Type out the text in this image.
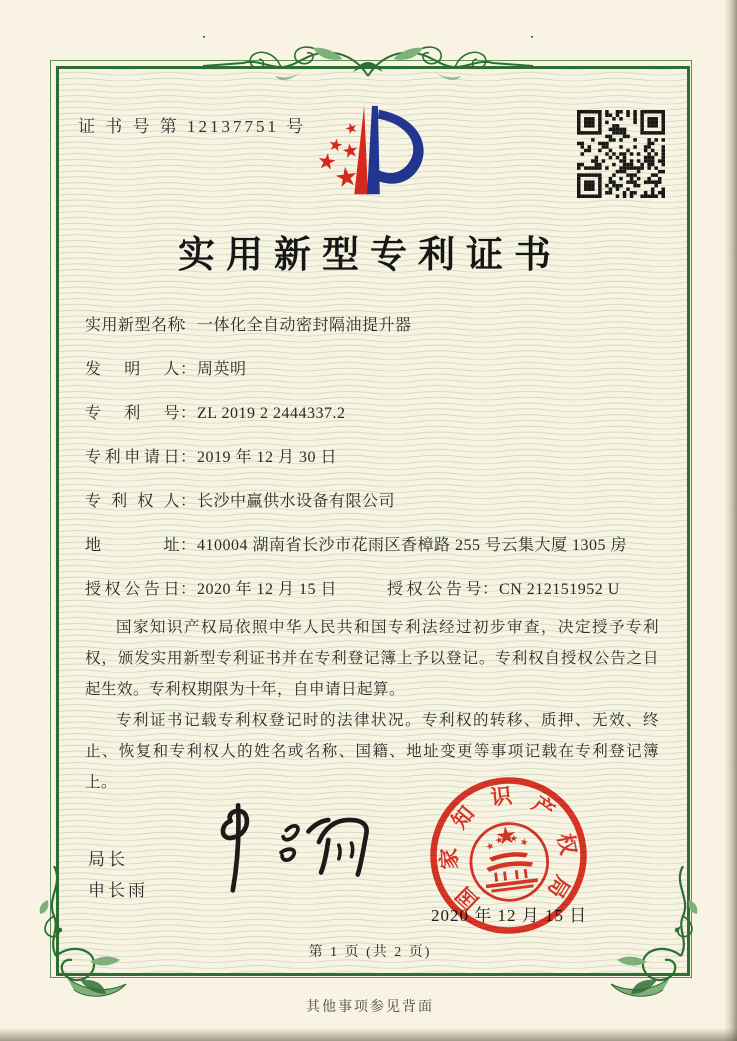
证 书 号 第 12137751 号
实用新型专利证书
实用新型名称：一体化全自动密封隔油提升器
发明人：周英明
专利号：ZL 2019 2 2444337.2
专利申请日：2019 年 12 月 30 日
专利权人：长沙中赢供水设备有限公司
地址：410004 湖南省长沙市花雨区香樟路 255 号云集大厦 1305 房
授权公告日：2020 年 12 月 15 日	授权公告号：CN 212151952 U

国家知识产权局依照中华人民共和国专利法经过初步审查，决定授予专利权，颁发实用新型专利证书并在专利登记簿上予以登记。专利权自授权公告之日起生效。专利权期限为十年，自申请日起算。

专利证书记载专利权登记时的法律状况。专利权的转移、质押、无效、终止、恢复和专利权人的姓名或名称、国籍、地址变更等事项记载在专利登记簿上。

局长
申长雨
2020 年 12 月 15 日
国
家
知
识 产
权
局
第 1 页 (共 2 页)
其他事项参见背面
